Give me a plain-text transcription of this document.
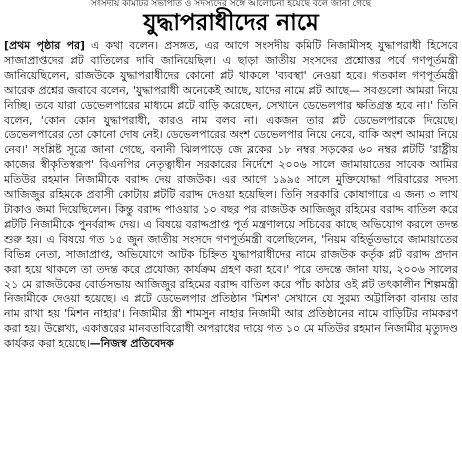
সংসদীয় কমিটির সভাপতি ও সদস্যদের সঙ্গে আলোচনা হয়েছে বলে জানা গেছে
যুদ্ধাপরাধীদের নামে

[প্রথম পৃষ্ঠার পর] এ কথা বলেন। প্রসঙ্গত, এর আগে সংসদীয় কমিটি নিজামীসহ যুদ্ধাপরাধী হিসেবে সাজাপ্রাপ্তদের প্লট বাতিলের দাবি জানিয়েছিল। এ ছাড়া জাতীয় সংসদের প্রশ্নোত্তর পর্বে গণপূর্তমন্ত্রী জানিয়েছিলেন, রাজউকে যুদ্ধাপরাধীদের কোনো প্লট থাকলে 'ব্যবস্থা' নেওয়া হবে। গতকাল গণপূর্তমন্ত্রী আরেক প্রশ্নের জবাবে বলেন, 'যুদ্ধাপরাধী অনেকেই আছে, যাদের নামে প্লট আছে— সবগুলো আমরা নিয়ে নিচ্ছি। তবে যারা ডেভেলপারের মাধ্যমে প্লটে বাড়ি করেছেন, সেখানে ডেভেলপার ক্ষতিগ্রস্ত হবে না।' তিনি বলেন, 'কোন কোন যুদ্ধাপরাধী, কারও নাম বলব না। একজন তার প্লট ডেভেলপারকে দিয়েছে। ডেভেলপারের তো কোনো দোষ নেই। ডেভেলপারের অংশ ডেভেলপার নিয়ে নেবে, বাকি অংশ আমরা নিয়ে নেব।' সংশ্লিষ্ট সূত্রে জানা গেছে, বনানী ঝিলপাড়ে জে ব্লকের ১৮ নম্বর সড়কের ৬০ নম্বর প্লটটি 'রাষ্ট্রীয় কাজের স্বীকৃতিস্বরূপ' বিএনপির নেতৃত্বাধীন সরকারের নির্দেশে ২০০৬ সালে জামায়াতের সাবেক আমির মতিউর রহমান নিজামীকে বরাদ্দ দেয় রাজউক। এর আগে ১৯৯৫ সালে মুক্তিযোদ্ধা পরিবারের সদস্য আজিজুর রহিমকে প্রবাসী কোটায় প্লটটি বরাদ্দ দেওয়া হয়েছিল। তিনি সরকারি কোষাগারে এ জন্য ৩ লাখ টাকাও জমা দিয়েছিলেন। কিন্তু বরাদ্দ পাওয়ার ১০ বছর পর রাজউক আজিজুর রহিমের বরাদ্দ বাতিল করে প্লটটি নিজামীকে পুনর্বরাদ্দ দেয়। এ বিষয়ে বরাদ্দপ্রাপ্ত পূর্ত মন্ত্রণালয়ে সচিবের কাছে অভিযোগ করলে তদন্ত শুরু হয়। এ বিষয়ে গত ১৫ জুন জাতীয় সংসদে গণপূর্তমন্ত্রী বলেছিলেন, 'নিয়ম বহির্ভূতভাবে জামায়াতের বিভিন্ন নেতা, সাজাপ্রাপ্ত, অভিযোগে আটক চিহ্নিত যুদ্ধাপরাধীদের নামে রাজউক কর্তৃক প্লট বরাদ্দ প্রদান করা হয়ে থাকলে তা তদন্ত করে প্রযোজ্য কার্যক্রম গ্রহণ করা হবে।' পরে তদন্তে জানা যায়, ২০০৬ সালের ২১ মে রাজউকের বোর্ডসভায় আজিজুর রহিমের বরাদ্দ বাতিল করে পাঁচ কাঠার ওই প্লট তৎকালীন শিল্পমন্ত্রী নিজামীকে দেওয়া হয়েছে। এ প্লটে ডেভেলপার প্রতিষ্ঠান 'মিশন' সেখানে যে সুরম্য অট্টালিকা বানায় তার নাম রাখা হয় 'মিশন নাহার'। নিজামীর স্ত্রী শামসুন নাহার নিজামী আর প্রতিষ্ঠানের নামে বাড়িটির নামকরণ করা হয়। উল্লেখ্য, একাত্তরের মানবতাবিরোধী অপরাধের দায়ে গত ১০ মে মতিউর রহমান নিজামীর মৃত্যুদণ্ড কার্যকর করা হয়েছে।—নিজস্ব প্রতিবেদক
